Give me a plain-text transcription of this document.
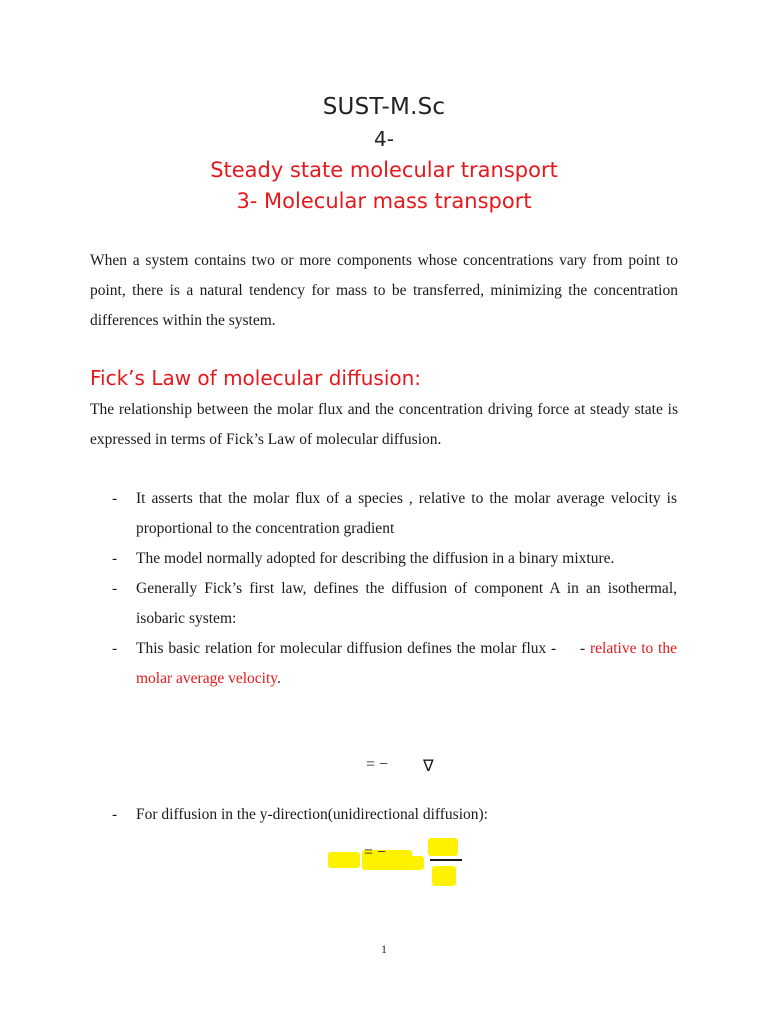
SUST-M.Sc
4-
Steady state molecular transport
3- Molecular mass transport

When a system contains two or more components whose concentrations vary from point to point, there is a natural tendency for mass to be transferred, minimizing the concentration differences within the system.

Fick’s Law of molecular diffusion:

The relationship between the molar flux and the concentration driving force at steady state is expressed in terms of Fick’s Law of molecular diffusion.

- It asserts that the molar flux of a species , relative to the molar average velocity is proportional to the concentration gradient
- The model normally adopted for describing the diffusion in a binary mixture.
- Generally Fick’s first law, defines the diffusion of component A in an isothermal, isobaric system:
- This basic relation for molecular diffusion defines the molar flux -     - relative to the molar average velocity.
= − ∇
- For diffusion in the y-direction(unidirectional diffusion):
= −
1
